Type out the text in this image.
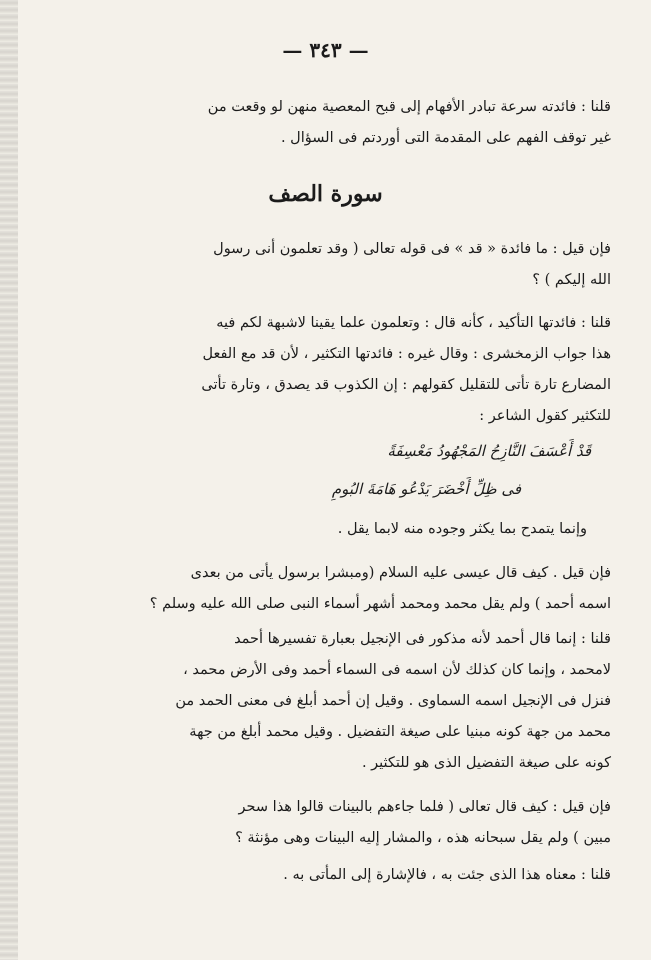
— ٣٤٣ —

قلنا : فائدته سرعة تبادر الأفهام إلى قبح المعصية منهن لو وقعت من
غير توقف الفهم على المقدمة التى أوردتم فى السؤال .

سورة الصف

فإن قيل : ما فائدة « قد » فى قوله تعالى ( وقد تعلمون أنى رسول
الله إليكم ) ؟

قلنا : فائدتها التأكيد ، كأنه قال : وتعلمون علما يقينا لاشبهة لكم فيه
هذا جواب الزمخشرى : وقال غيره : فائدتها التكثير ، لأن قد مع الفعل
المضارع تارة تأتى للتقليل كقولهم : إن الكذوب قد يصدق ، وتارة تأتى
للتكثير كقول الشاعر :

قَدْ أَعْسَفَ النَّازِحُ المَجْهُودُ مَعْسِفَةً
فى ظِلِّ أَخْضَرَ يَدْعُو هَامَةَ البُومِ

وإنما يتمدح بما يكثر وجوده منه لابما يقل .

فإن قيل . كيف قال عيسى عليه السلام (ومبشرا برسول يأتى من بعدى
اسمه أحمد ) ولم يقل محمد ومحمد أشهر أسماء النبى صلى الله عليه وسلم ؟

قلنا : إنما قال أحمد لأنه مذكور فى الإنجيل بعبارة تفسيرها أحمد
لامحمد ، وإنما كان كذلك لأن اسمه فى السماء أحمد وفى الأرض محمد ،
فنزل فى الإنجيل اسمه السماوى . وقيل إن أحمد أبلغ فى معنى الحمد من
محمد من جهة كونه مبنيا على صيغة التفضيل . وقيل محمد أبلغ من جهة
كونه على صيغة التفضيل الذى هو للتكثير .

فإن قيل : كيف قال تعالى ( فلما جاءهم بالبينات قالوا هذا سحر
مبين ) ولم يقل سبحانه هذه ، والمشار إليه البينات وهى مؤنثة ؟

قلنا : معناه هذا الذى جئت به ، فالإشارة إلى المأتى به .
